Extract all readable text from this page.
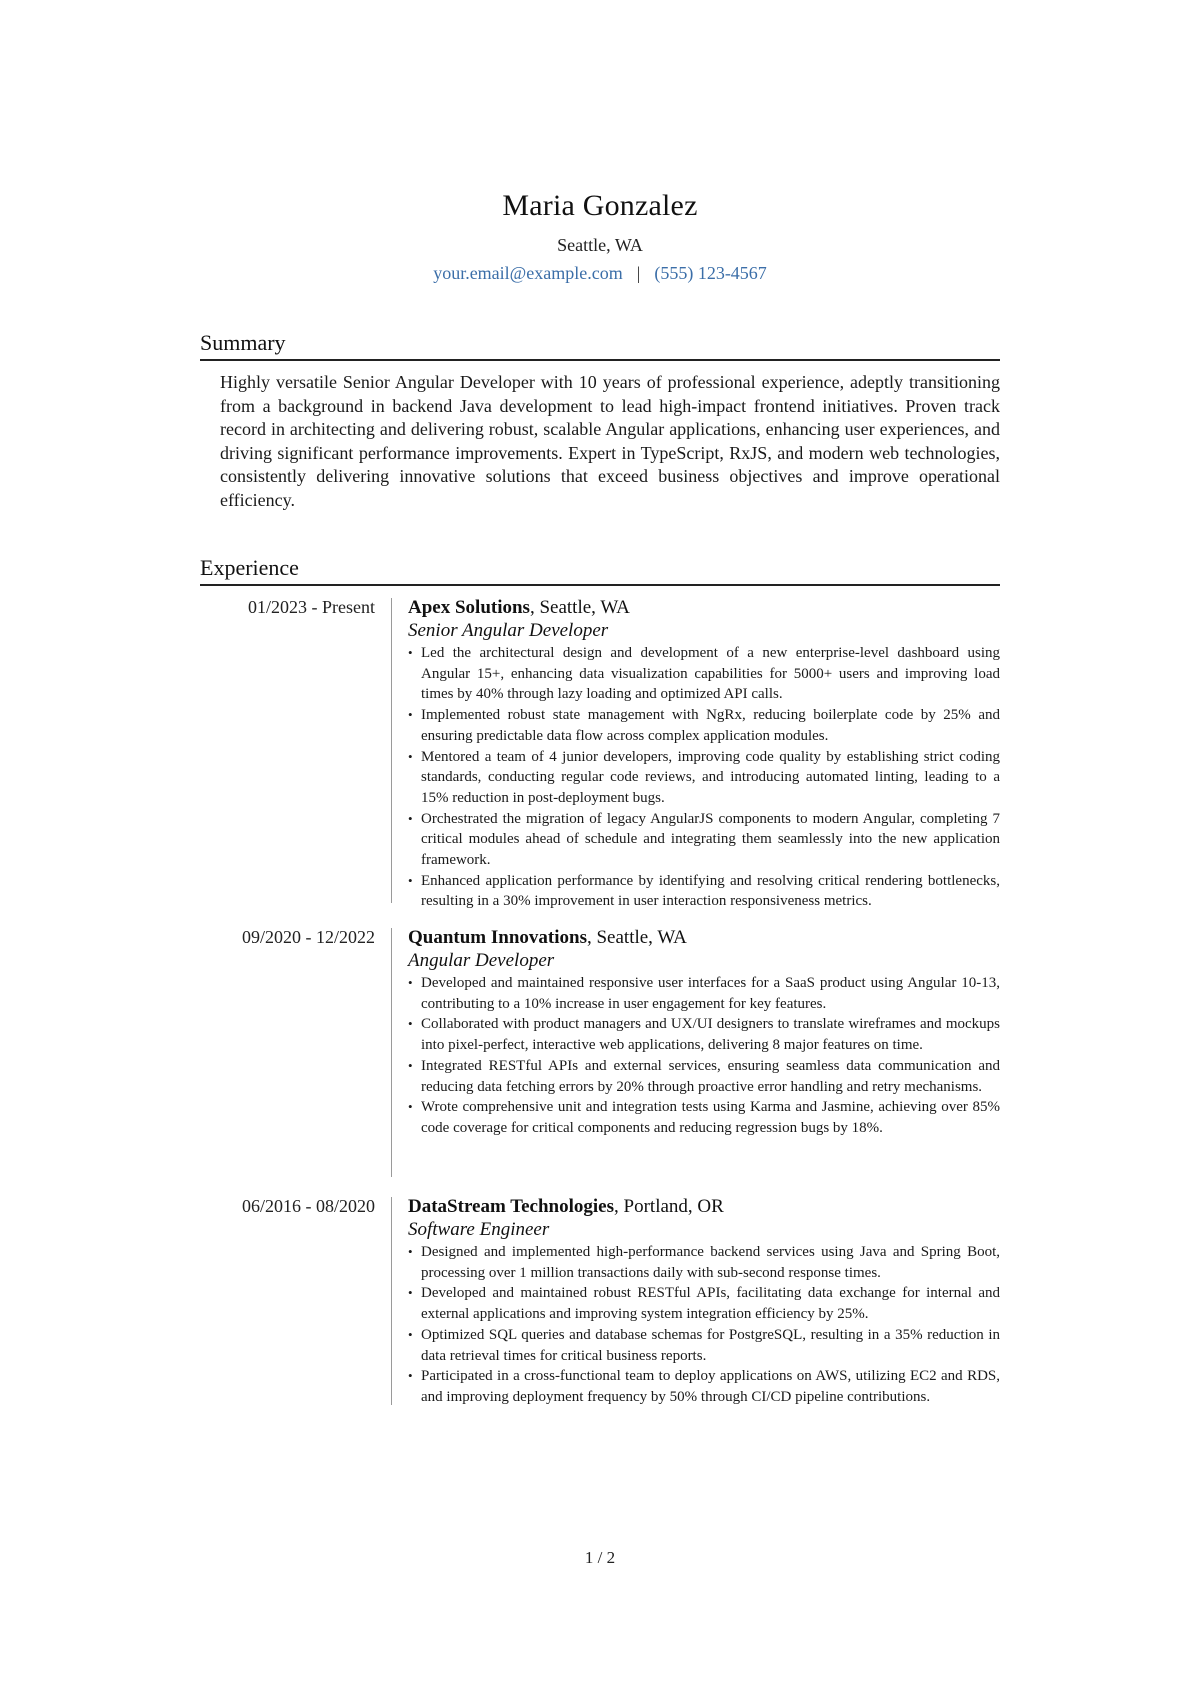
Maria Gonzalez
Seattle, WA
your.email@example.com | (555) 123-4567
Summary
Highly versatile Senior Angular Developer with 10 years of professional experience, adeptly transitioning from a background in backend Java development to lead high-impact frontend initiatives. Proven track record in architecting and delivering robust, scalable Angular applications, enhancing user experiences, and driving significant performance improvements. Expert in TypeScript, RxJS, and modern web technologies, consistently delivering innovative solutions that exceed business objectives and improve operational efficiency.
Experience
01/2023 - Present Apex Solutions, Seattle, WA
Senior Angular Developer
• Led the architectural design and development of a new enterprise-level dashboard using Angular 15+, enhancing data visualization capabilities for 5000+ users and improving load times by 40% through lazy loading and optimized API calls.
• Implemented robust state management with NgRx, reducing boilerplate code by 25% and ensuring predictable data flow across complex application modules.
• Mentored a team of 4 junior developers, improving code quality by establishing strict coding standards, conducting regular code reviews, and introducing automated linting, leading to a 15% reduction in post-deployment bugs.
• Orchestrated the migration of legacy AngularJS components to modern Angular, completing 7 critical modules ahead of schedule and integrating them seamlessly into the new application framework.
• Enhanced application performance by identifying and resolving critical rendering bottlenecks, resulting in a 30% improvement in user interaction responsiveness metrics.
09/2020 - 12/2022 Quantum Innovations, Seattle, WA
Angular Developer
• Developed and maintained responsive user interfaces for a SaaS product using Angular 10-13, contributing to a 10% increase in user engagement for key features.
• Collaborated with product managers and UX/UI designers to translate wireframes and mockups into pixel-perfect, interactive web applications, delivering 8 major features on time.
• Integrated RESTful APIs and external services, ensuring seamless data communication and reducing data fetching errors by 20% through proactive error handling and retry mechanisms.
• Wrote comprehensive unit and integration tests using Karma and Jasmine, achieving over 85% code coverage for critical components and reducing regression bugs by 18%.
06/2016 - 08/2020 DataStream Technologies, Portland, OR
Software Engineer
• Designed and implemented high-performance backend services using Java and Spring Boot, processing over 1 million transactions daily with sub-second response times.
• Developed and maintained robust RESTful APIs, facilitating data exchange for internal and external applications and improving system integration efficiency by 25%.
• Optimized SQL queries and database schemas for PostgreSQL, resulting in a 35% reduction in data retrieval times for critical business reports.
• Participated in a cross-functional team to deploy applications on AWS, utilizing EC2 and RDS, and improving deployment frequency by 50% through CI/CD pipeline contributions.
1 / 2
